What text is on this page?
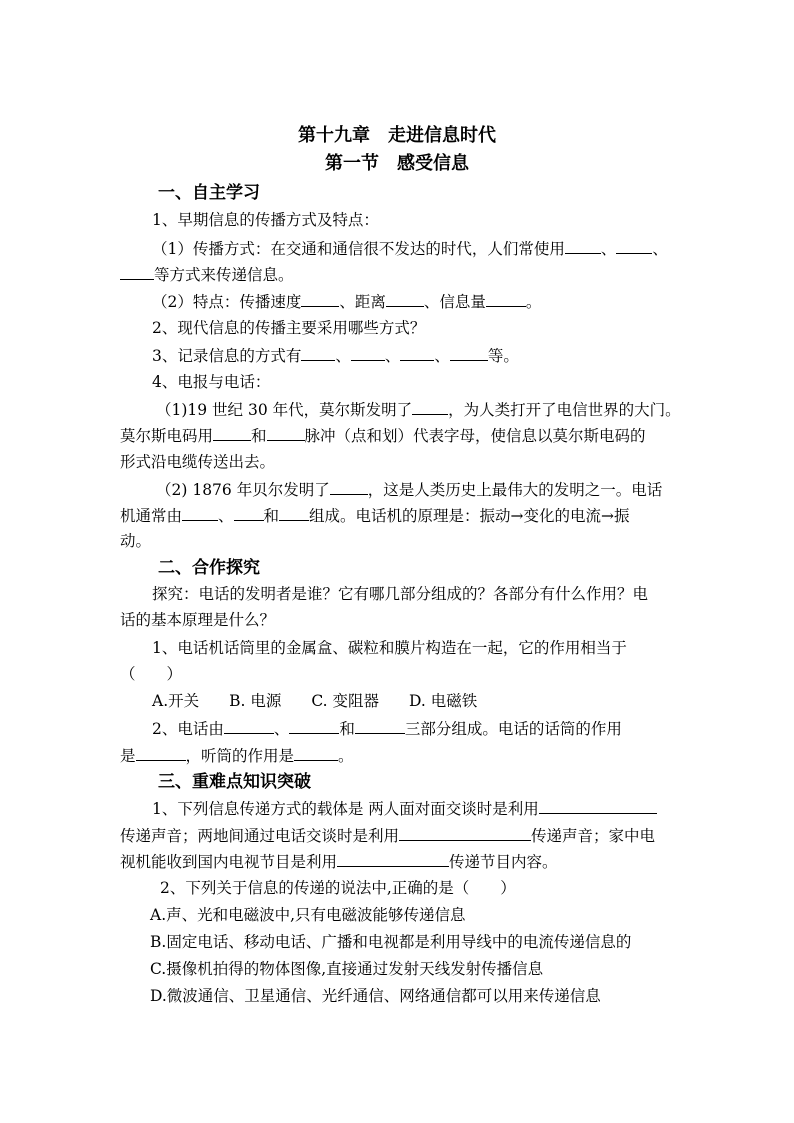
第十九章　走进信息时代
第一节　感受信息
一、自主学习
1、早期信息的传播方式及特点：
（1）传播方式：在交通和通信很不发达的时代，人们常使用 、 、
等方式来传递信息。
（2）特点：传播速度 、距离 、信息量	。
2、现代信息的传播主要采用哪些方式？
3、记录信息的方式有 、 、 、 等。
4、电报与电话：
（1)19 世纪 30 年代，莫尔斯发明了 ，为人类打开了电信世界的大门。
莫尔斯电码用 和 脉冲（点和划）代表字母，使信息以莫尔斯电码的
形式沿电缆传送出去。
（2) 1876 年贝尔发明了 ，这是人类历史上最伟大的发明之一。电话
机通常由 、 和 组成。电话机的原理是：振动→变化的电流→振
动。
二、合作探究
探究：电话的发明者是谁？它有哪几部分组成的？各部分有什么作用？电
话的基本原理是什么？
1、电话机话筒里的金属盒、碳粒和膜片构造在一起，它的作用相当于
（　　）
A.开关 B. 电源 C. 变阻器 D. 电磁铁
2、电话由	、	和	三部分组成。电话的话筒的作用
是	，听筒的作用是	。
三、重难点知识突破
1、下列信息传递方式的载体是 两人面对面交谈时是利用
传递声音；两地间通过电话交谈时是利用	传递声音；家中电
视机能收到国内电视节目是利用	传递节目内容。
2、下列关于信息的传递的说法中,正确的是（　　）
A.声、光和电磁波中,只有电磁波能够传递信息
B.固定电话、移动电话、广播和电视都是利用导线中的电流传递信息的
C.摄像机拍得的物体图像,直接通过发射天线发射传播信息
D.微波通信、卫星通信、光纤通信、网络通信都可以用来传递信息
